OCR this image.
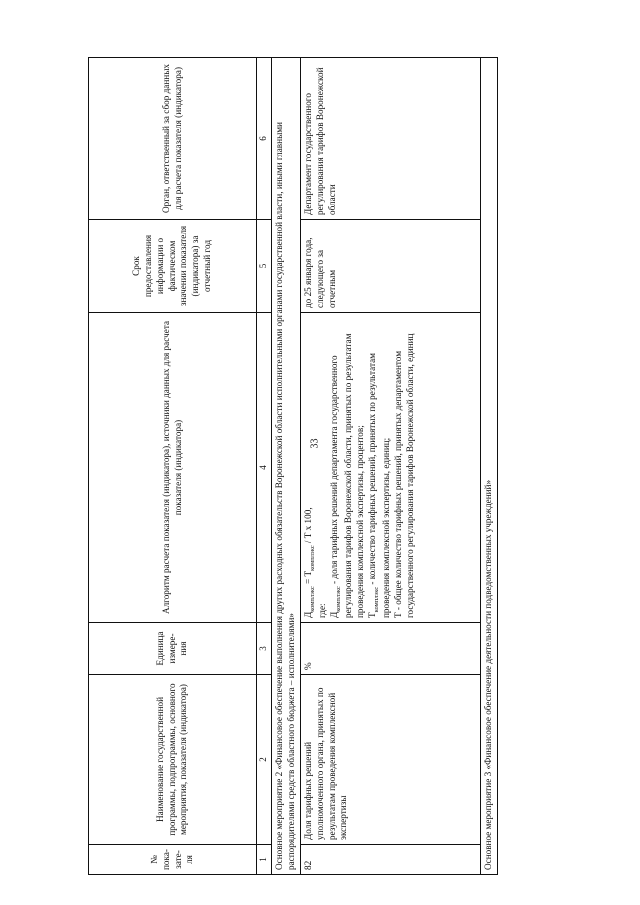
33
№ пока-зате-ля	Наименование государственной программы, подпрограммы, основного мероприятия, показателя (индикатора)	Единица измере-ния	Алгоритм расчета показателя (индикатора), источники данных для расчета показателя (индикатора)	Срок предоставления информации о фактическом значении показателя (индикатора) за отчетный год	Орган, ответственный за сбор данных для расчета показателя (индикатора)
1	2	3	4	5	6
Основное мероприятие 2 «Финансовое обеспечение выполнения других расходных обязательств Воронежской области исполнительными органами государственной власти, иными главными распорядителями средств областного бюджета – исполнителями»					
82	Доля тарифных решений уполномоченного органа, принятых по результатам проведения комплексной экспертизы	%	$Д_{комплэкс} = Т_{комплэкс} / Т$ х 100,
где: $Д_{комплэкс}$ - доля тарифных решений департамента государственного регулирования тарифов Воронежской области, принятых по результатам проведения комплексной экспертизы, процентов; $Т_{комплэкс}$ - количество тарифных решений, принятых по результатам проведения комплексной экспертизы, единиц; Т - общее количество тарифных решений, принятых департаментом государственного регулирования тарифов Воронежской области, единиц	до 25 января года, следующего за отчетным	Департамент государственного регулирования тарифов Воронежской области
Основное мероприятие 3 «Финансовое обеспечение деятельности подведомственных учреждений»					
